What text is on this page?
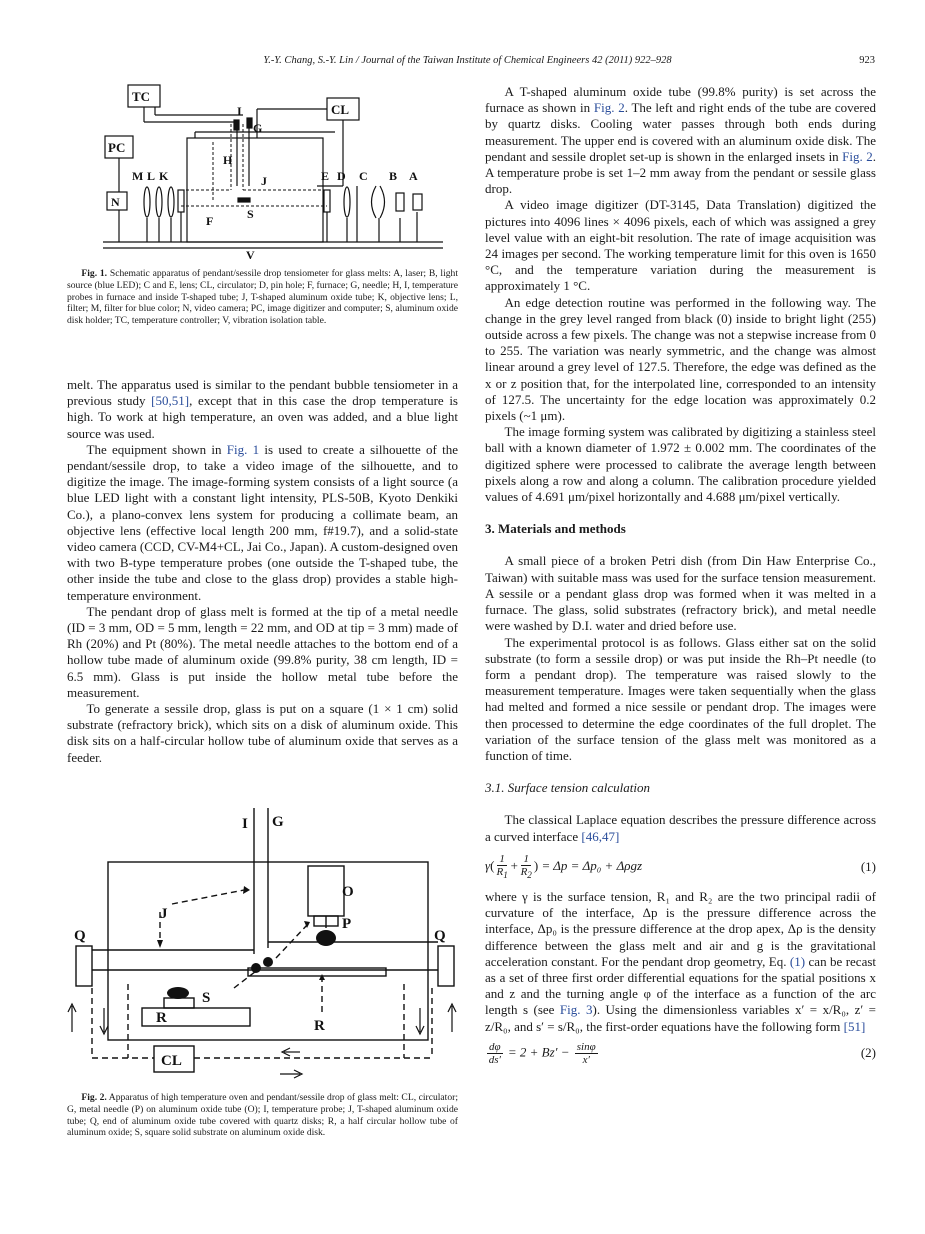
Y.-Y. Chang, S.-Y. Lin / Journal of the Taiwan Institute of Chemical Engineers 42 (2011) 922–928	923
TC
CL
PC
N
I
G
H
J
S
F
V
M L K	E D C B A

Fig. 1. Schematic apparatus of pendant/sessile drop tensiometer for glass melts: A, laser; B, light source (blue LED); C and E, lens; CL, circulator; D, pin hole; F, furnace; G, needle; H, I, temperature probes in furnace and inside T-shaped tube; J, T-shaped aluminum oxide tube; K, objective lens; L, filter; M, filter for blue color; N, video camera; PC, image digitizer and computer; S, aluminum oxide disk holder; TC, temperature controller; V, vibration isolation table.

melt. The apparatus used is similar to the pendant bubble tensiometer in a previous study [50,51], except that in this case the drop temperature is high. To work at high temperature, an oven was added, and a blue light source was used.

The equipment shown in Fig. 1 is used to create a silhouette of the pendant/sessile drop, to take a video image of the silhouette, and to digitize the image. The image-forming system consists of a light source (a blue LED light with a constant light intensity, PLS-50B, Kyoto Denkiki Co.), a plano-convex lens system for producing a collimate beam, an objective lens (effective local length 200 mm, f#19.7), and a solid-state video camera (CCD, CV-M4+CL, Jai Co., Japan). A custom-designed oven with two B-type temperature probes (one outside the T-shaped tube, the other inside the tube and close to the glass drop) provides a stable high-temperature environment.

The pendant drop of glass melt is formed at the tip of a metal needle (ID = 3 mm, OD = 5 mm, length = 22 mm, and OD at tip = 3 mm) made of Rh (20%) and Pt (80%). The metal needle attaches to the bottom end of a hollow tube made of aluminum oxide (99.8% purity, 38 cm length, ID = 6.5 mm). Glass is put inside the hollow metal tube before the measurement.

To generate a sessile drop, glass is put on a square (1 × 1 cm) solid substrate (refractory brick), which sits on a disk of aluminum oxide. This disk sits on a half-circular hollow tube of aluminum oxide that serves as a feeder.

I G
O
P
J
Q	Q
S
R	R
CL

Fig. 2. Apparatus of high temperature oven and pendant/sessile drop of glass melt: CL, circulator; G, metal needle (P) on aluminum oxide tube (O); I, temperature probe; J, T-shaped aluminum oxide tube; Q, end of aluminum oxide tube covered with quartz disks; R, a half circular hollow tube of aluminum oxide; S, square solid substrate on aluminum oxide disk.

A T-shaped aluminum oxide tube (99.8% purity) is set across the furnace as shown in Fig. 2. The left and right ends of the tube are covered by quartz disks. Cooling water passes through both ends during measurement. The upper end is covered with an aluminum oxide disk. The pendant and sessile droplet set-up is shown in the enlarged insets in Fig. 2. A temperature probe is set 1–2 mm away from the pendant or sessile glass drop.

A video image digitizer (DT-3145, Data Translation) digitized the pictures into 4096 lines × 4096 pixels, each of which was assigned a grey level value with an eight-bit resolution. The rate of image acquisition was 24 images per second. The working temperature limit for this oven is 1650 °C, and the temperature variation during the measurement is approximately 1 °C.

An edge detection routine was performed in the following way. The change in the grey level ranged from black (0) inside to bright light (255) outside across a few pixels. The change was not a stepwise increase from 0 to 255. The variation was nearly symmetric, and the change was almost linear around a grey level of 127.5. Therefore, the edge was defined as the x or z position that, for the interpolated line, corresponded to an intensity of 127.5. The uncertainty for the edge location was approximately 0.2 pixels (~1 μm).

The image forming system was calibrated by digitizing a stainless steel ball with a known diameter of 1.972 ± 0.002 mm. The coordinates of the digitized sphere were processed to calibrate the average length between pixels along a row and along a column. The calibration procedure yielded values of 4.691 μm/pixel horizontally and 4.688 μm/pixel vertically.

3. Materials and methods

A small piece of a broken Petri dish (from Din Haw Enterprise Co., Taiwan) with suitable mass was used for the surface tension measurement. A sessile or a pendant glass drop was formed when it was melted in a furnace. The glass, solid substrates (refractory brick), and metal needle were washed by D.I. water and dried before use.

The experimental protocol is as follows. Glass either sat on the solid substrate (to form a sessile drop) or was put inside the Rh–Pt needle (to form a pendant drop). The temperature was raised slowly to the measurement temperature. Images were taken sequentially when the glass had melted and formed a nice sessile or pendant drop. The images were then processed to determine the edge coordinates of the full droplet. The variation of the surface tension of the glass melt was monitored as a function of time.

3.1. Surface tension calculation

The classical Laplace equation describes the pressure difference across a curved interface [46,47]

$\gamma( \frac{1}{R_1} + \frac{1}{R_2}$ ) = Δp = Δp₀ + Δρgz	(1)

where γ is the surface tension, R₁ and R₂ are the two principal radii of curvature of the interface, Δp is the pressure difference across the interface, Δp₀ is the pressure difference at the drop apex, Δρ is the density difference between the glass melt and air and g is the gravitational acceleration constant. For the pendant drop geometry, Eq. (1) can be recast as a set of three first order differential equations for the spatial positions x and z and the turning angle φ of the interface as a function of the arc length s (see Fig. 3). Using the dimensionless variables x′ = x/R₀, z′ = z/R₀, and s′ = s/R₀, the first-order equations have the following form [51]

$\frac{d\varphi}{ds'} = 2 + Bz' - \frac{\sin\varphi}{x'}$	(2)
